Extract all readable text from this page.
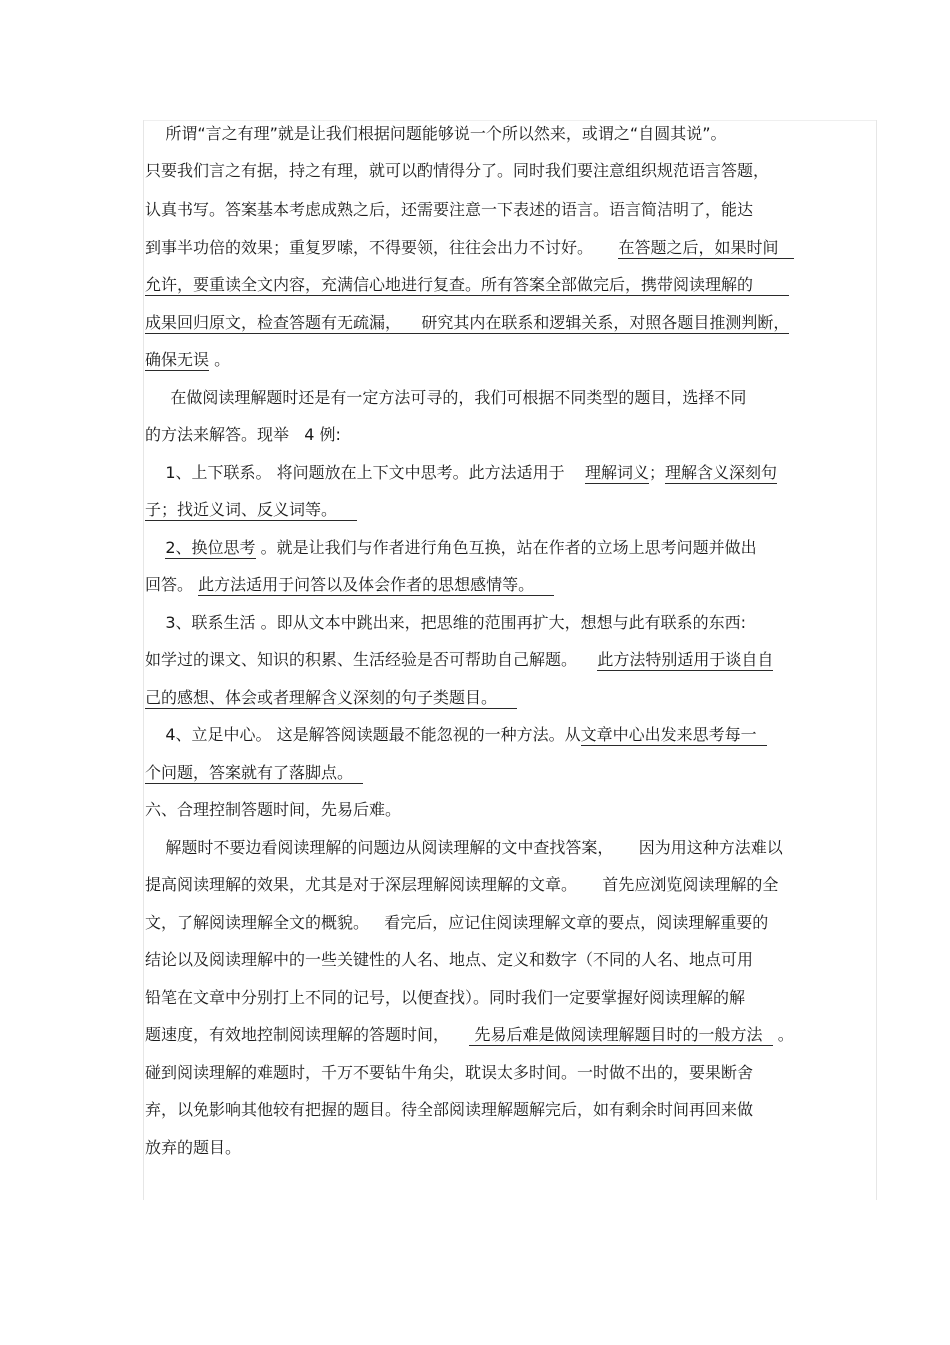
所谓“言之有理”就是让我们根据问题能够说一个所以然来，或谓之“自圆其说”。
只要我们言之有据，持之有理，就可以酌情得分了。同时我们要注意组织规范语言答题，
认真书写。答案基本考虑成熟之后，还需要注意一下表述的语言。语言简洁明了，能达
到事半功倍的效果；重复罗嗦，不得要领，往往会出力不讨好。     在答题之后，如果时间
允许，要重读全文内容，充满信心地进行复查。所有答案全部做完后，携带阅读理解的
成果回归原文，检查答题有无疏漏，    研究其内在联系和逻辑关系，对照各题目推测判断，
确保无误 。
在做阅读理解题时还是有一定方法可寻的，我们可根据不同类型的题目，选择不同
的方法来解答。现举   4 例:
1、上下联系。 将问题放在上下文中思考。此方法适用于    理解词义；理解含义深刻句
子；找近义词、反义词等。
2、换位思考 。就是让我们与作者进行角色互换，站在作者的立场上思考问题并做出
回答。 此方法适用于问答以及体会作者的思想感情等。
3、联系生活 。即从文本中跳出来，把思维的范围再扩大，想想与此有联系的东西:
如学过的课文、知识的积累、生活经验是否可帮助自己解题。    此方法特别适用于谈自自
己的感想、体会或者理解含义深刻的句子类题目。
4、立足中心。 这是解答阅读题最不能忽视的一种方法。从文章中心出发来思考每一
个问题，答案就有了落脚点。
六、合理控制答题时间，先易后难。
解题时不要边看阅读理解的问题边从阅读理解的文中查找答案，     因为用这种方法难以
提高阅读理解的效果，尤其是对于深层理解阅读理解的文章。     首先应浏览阅读理解的全
文，了解阅读理解全文的概貌。   看完后，应记住阅读理解文章的要点，阅读理解重要的
结论以及阅读理解中的一些关键性的人名、地点、定义和数字（不同的人名、地点可用
铅笔在文章中分别打上不同的记号，以便查找）。同时我们一定要掌握好阅读理解的解
题速度，有效地控制阅读理解的答题时间，     先易后难是做阅读理解题目时的一般方法   。
碰到阅读理解的难题时，千万不要钻牛角尖，耽误太多时间。一时做不出的，要果断舍
弃，以免影响其他较有把握的题目。待全部阅读理解题解完后，如有剩余时间再回来做
放弃的题目。
